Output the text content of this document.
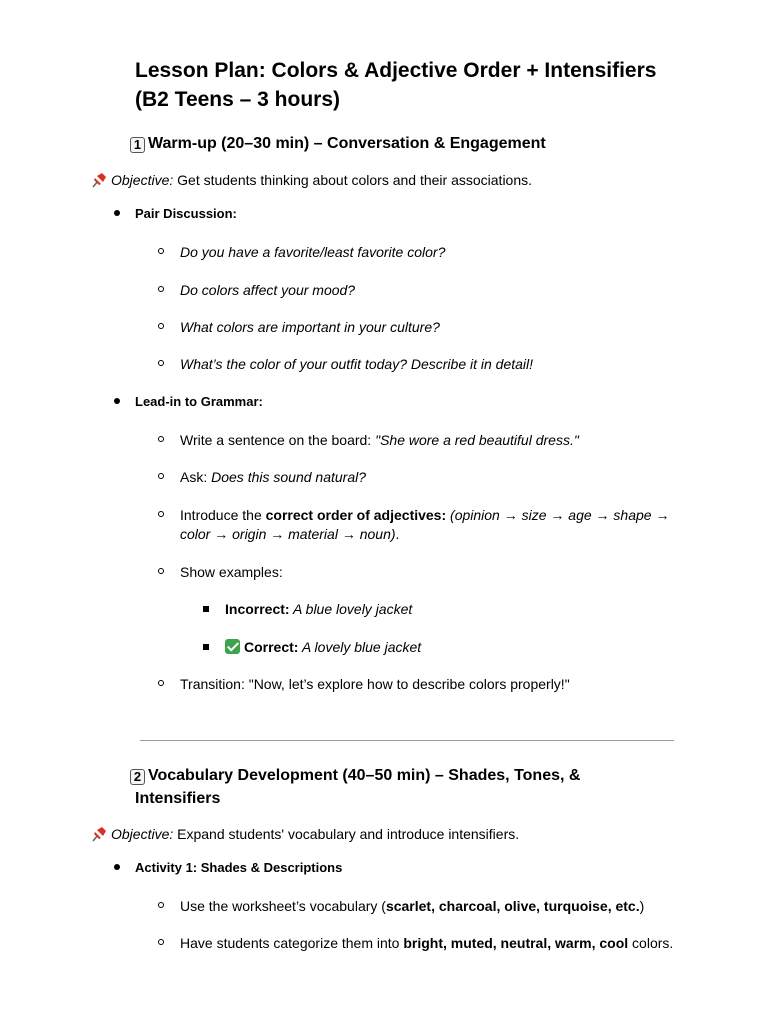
Lesson Plan: Colors & Adjective Order + Intensifiers
(B2 Teens – 3 hours)
1 Warm-up (20–30 min) – Conversation & Engagement
Objective: Get students thinking about colors and their associations.
Pair Discussion:
Do you have a favorite/least favorite color?
Do colors affect your mood?
What colors are important in your culture?
What’s the color of your outfit today? Describe it in detail!
Lead-in to Grammar:
Write a sentence on the board: "She wore a red beautiful dress."
Ask: Does this sound natural?
Introduce the correct order of adjectives: (opinion → size → age → shape →
color → origin → material → noun).
Show examples:
Incorrect: A blue lovely jacket
Correct: A lovely blue jacket
Transition: "Now, let’s explore how to describe colors properly!"
2 Vocabulary Development (40–50 min) – Shades, Tones, &
Intensifiers
Objective: Expand students' vocabulary and introduce intensifiers.
Activity 1: Shades & Descriptions
Use the worksheet’s vocabulary (scarlet, charcoal, olive, turquoise, etc.)
Have students categorize them into bright, muted, neutral, warm, cool colors.
